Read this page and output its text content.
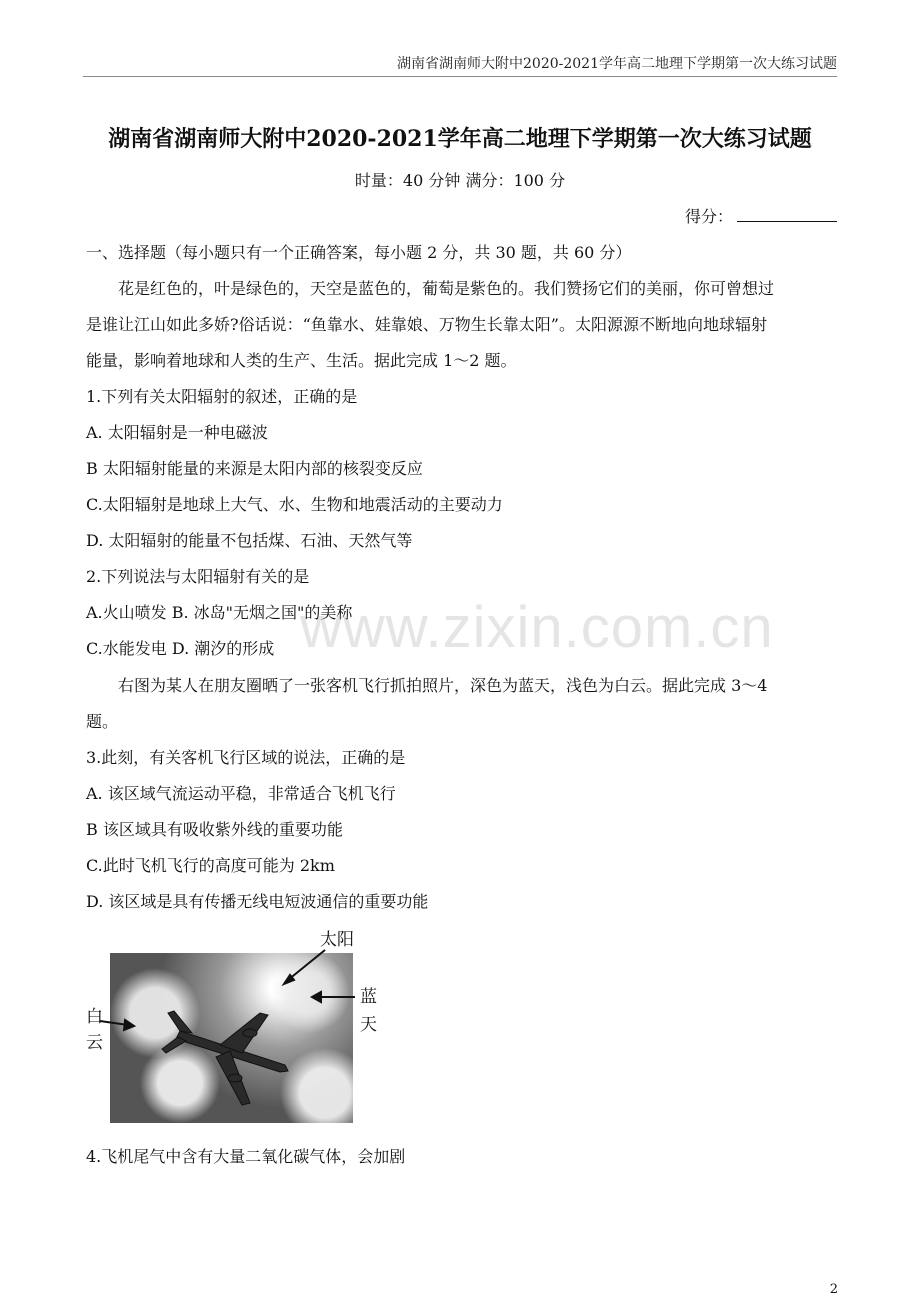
湖南省湖南师大附中2020-2021学年高二地理下学期第一次大练习试题
湖南省湖南师大附中2020-2021学年高二地理下学期第一次大练习试题
时量：40 分钟 满分：100 分
得分：
一、选择题（每小题只有一个正确答案，每小题 2 分，共 30 题，共 60 分）
花是红色的，叶是绿色的，天空是蓝色的，葡萄是紫色的。我们赞扬它们的美丽，你可曾想过
是谁让江山如此多娇?俗话说：“鱼靠水、娃靠娘、万物生长靠太阳”。太阳源源不断地向地球辐射
能量，影响着地球和人类的生产、生活。据此完成 1～2 题。
1.下列有关太阳辐射的叙述，正确的是
A. 太阳辐射是一种电磁波
B 太阳辐射能量的来源是太阳内部的核裂变反应
C.太阳辐射是地球上大气、水、生物和地震活动的主要动力
D. 太阳辐射的能量不包括煤、石油、天然气等
2.下列说法与太阳辐射有关的是
A.火山喷发 B. 冰岛"无烟之国"的美称
C.水能发电 D. 潮汐的形成 www.zixin.com.cn
右图为某人在朋友圈晒了一张客机飞行抓拍照片，深色为蓝天，浅色为白云。据此完成 3～4
题。
3.此刻，有关客机飞行区域的说法，正确的是
A. 该区域气流运动平稳，非常适合飞机飞行
B 该区域具有吸收紫外线的重要功能
C.此时飞机飞行的高度可能为 2km
D. 该区域是具有传播无线电短波通信的重要功能
太阳
蓝
天
白
云
4.飞机尾气中含有大量二氧化碳气体，会加剧
2
